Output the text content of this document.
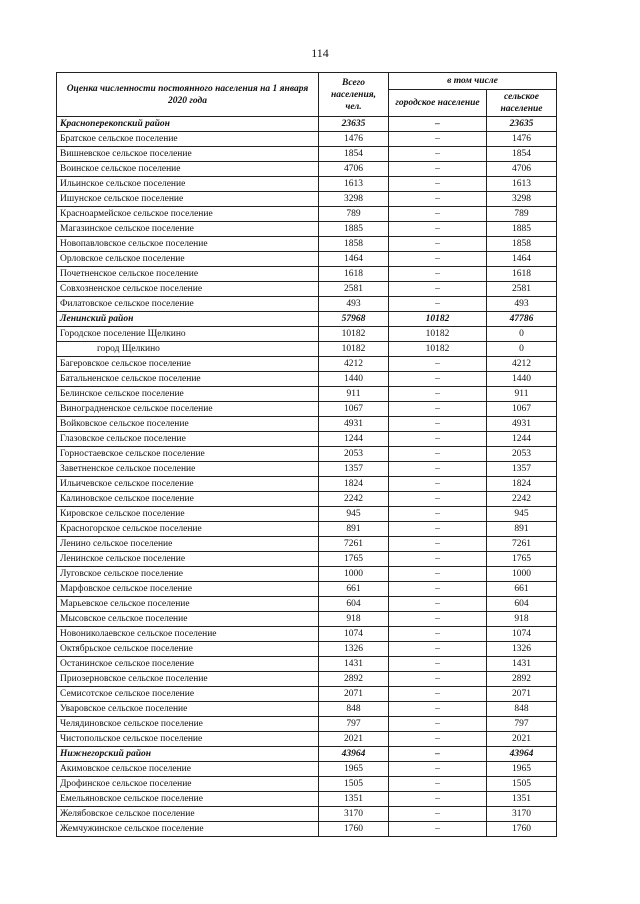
114
Оценка численности постоянного населения на 1 января 2020 года	Всего населения, чел.	в том числе	
		городское население	сельское население
Красноперекопский район	23635	–	23635
Братское сельское поселение	1476	–	1476
Вишневское сельское поселение	1854	–	1854
Воинское сельское поселение	4706	–	4706
Ильинское сельское поселение	1613	–	1613
Ишунское сельское поселение	3298	–	3298
Красноармейское сельское поселение	789	–	789
Магазинское сельское поселение	1885	–	1885
Новопавловское сельское поселение	1858	–	1858
Орловское сельское поселение	1464	–	1464
Почетненское сельское поселение	1618	–	1618
Совхозненское сельское поселение	2581	–	2581
Филатовское сельское поселение	493	–	493
Ленинский район	57968	10182	47786
Городское поселение Щелкино	10182	10182	0
город Щелкино	10182	10182	0
Багеровское сельское поселение	4212	–	4212
Батальненское сельское поселение	1440	–	1440
Белинское сельское поселение	911	–	911
Виноградненское сельское поселение	1067	–	1067
Войковское сельское поселение	4931	–	4931
Глазовское сельское поселение	1244	–	1244
Горностаевское сельское поселение	2053	–	2053
Заветненское сельское поселение	1357	–	1357
Ильичевское сельское поселение	1824	–	1824
Калиновское сельское поселение	2242	–	2242
Кировское сельское поселение	945	–	945
Красногорское сельское поселение	891	–	891
Ленино сельское поселение	7261	–	7261
Ленинское сельское поселение	1765	–	1765
Луговское сельское поселение	1000	–	1000
Марфовское сельское поселение	661	–	661
Марьевское сельское поселение	604	–	604
Мысовское сельское поселение	918	–	918
Новониколаевское сельское поселение	1074	–	1074
Октябрьское сельское поселение	1326	–	1326
Останинское сельское поселение	1431	–	1431
Приозерновское сельское поселение	2892	–	2892
Семисотское сельское поселение	2071	–	2071
Уваровское сельское поселение	848	–	848
Челядиновское сельское поселение	797	–	797
Чистопольское сельское поселение	2021	–	2021
Нижнегорский район	43964	–	43964
Акимовское сельское поселение	1965	–	1965
Дрофинское сельское поселение	1505	–	1505
Емельяновское сельское поселение	1351	–	1351
Желябовское сельское поселение	3170	–	3170
Жемчужинское сельское поселение	1760	–	1760
